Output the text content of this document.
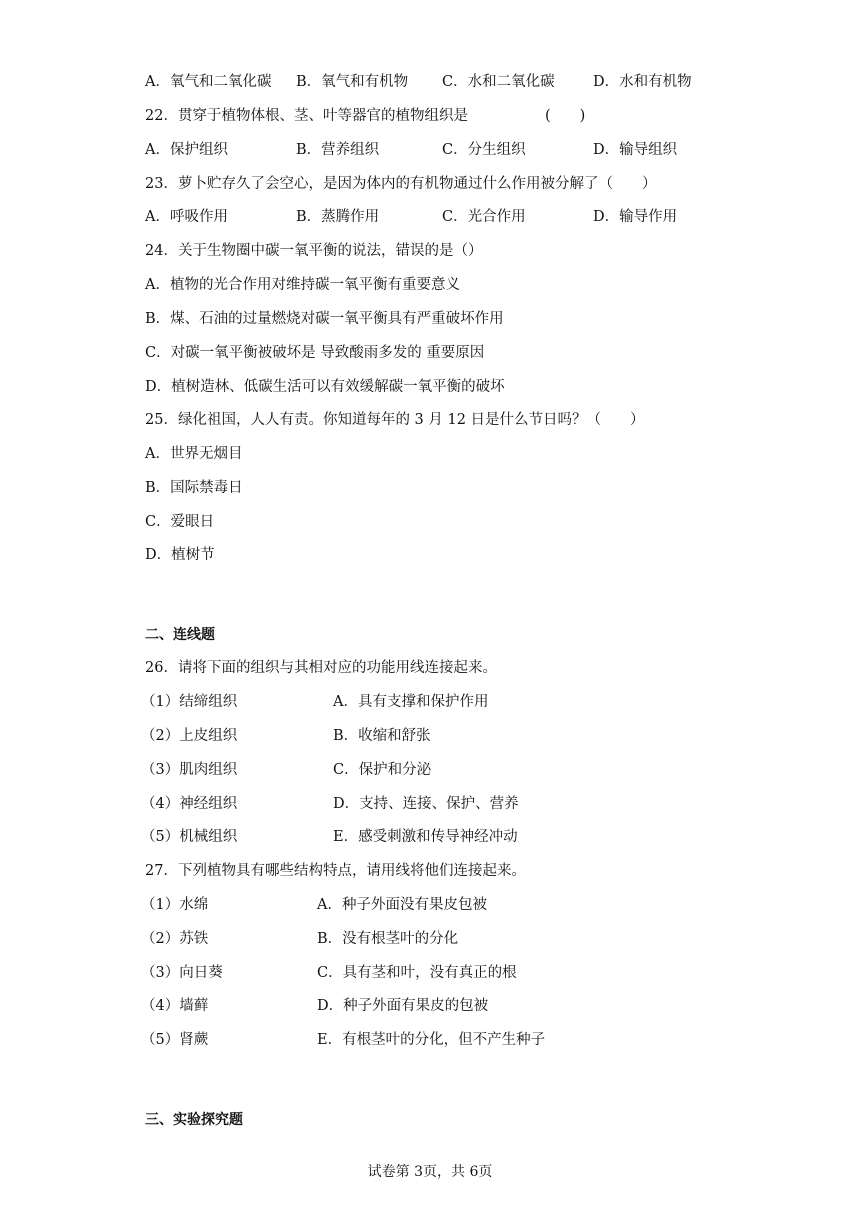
A．氧气和二氧化碳 B．氧气和有机物 C．水和二氧化碳	D．水和有机物
22．贯穿于植物体根、茎、叶等器官的植物组织是	(　　)
A．保护组织	B．营养组织	C．分生组织	D．输导组织
23．萝卜贮存久了会空心，是因为体内的有机物通过什么作用被分解了（　　）
A．呼吸作用	B．蒸腾作用	C．光合作用	D．输导作用
24．关于生物圈中碳一氧平衡的说法，错误的是（）
A．植物的光合作用对维持碳一氧平衡有重要意义
B．煤、石油的过量燃烧对碳一氧平衡具有严重破坏作用
C．对碳一氧平衡被破坏是 导致酸雨多发的 重要原因
D．植树造林、低碳生活可以有效缓解碳一氧平衡的破坏
25．绿化祖国，人人有责。你知道每年的 3 月 12 日是什么节日吗？（　　）
A．世界无烟目
B．国际禁毒日
C．爱眼日
D．植树节
二、连线题
26．请将下面的组织与其相对应的功能用线连接起来。
（1）结缔组织	A．具有支撑和保护作用
（2）上皮组织	B．收缩和舒张
（3）肌肉组织	C．保护和分泌
（4）神经组织	D．支持、连接、保护、营养
（5）机械组织	E．感受刺激和传导神经冲动
27．下列植物具有哪些结构特点，请用线将他们连接起来。
（1）水绵	A．种子外面没有果皮包被
（2）苏铁	B．没有根茎叶的分化
（3）向日葵	C．具有茎和叶，没有真正的根
（4）墙藓	D．种子外面有果皮的包被
（5）肾蕨	E．有根茎叶的分化，但不产生种子
三、实验探究题
试卷第 3页，共 6页
